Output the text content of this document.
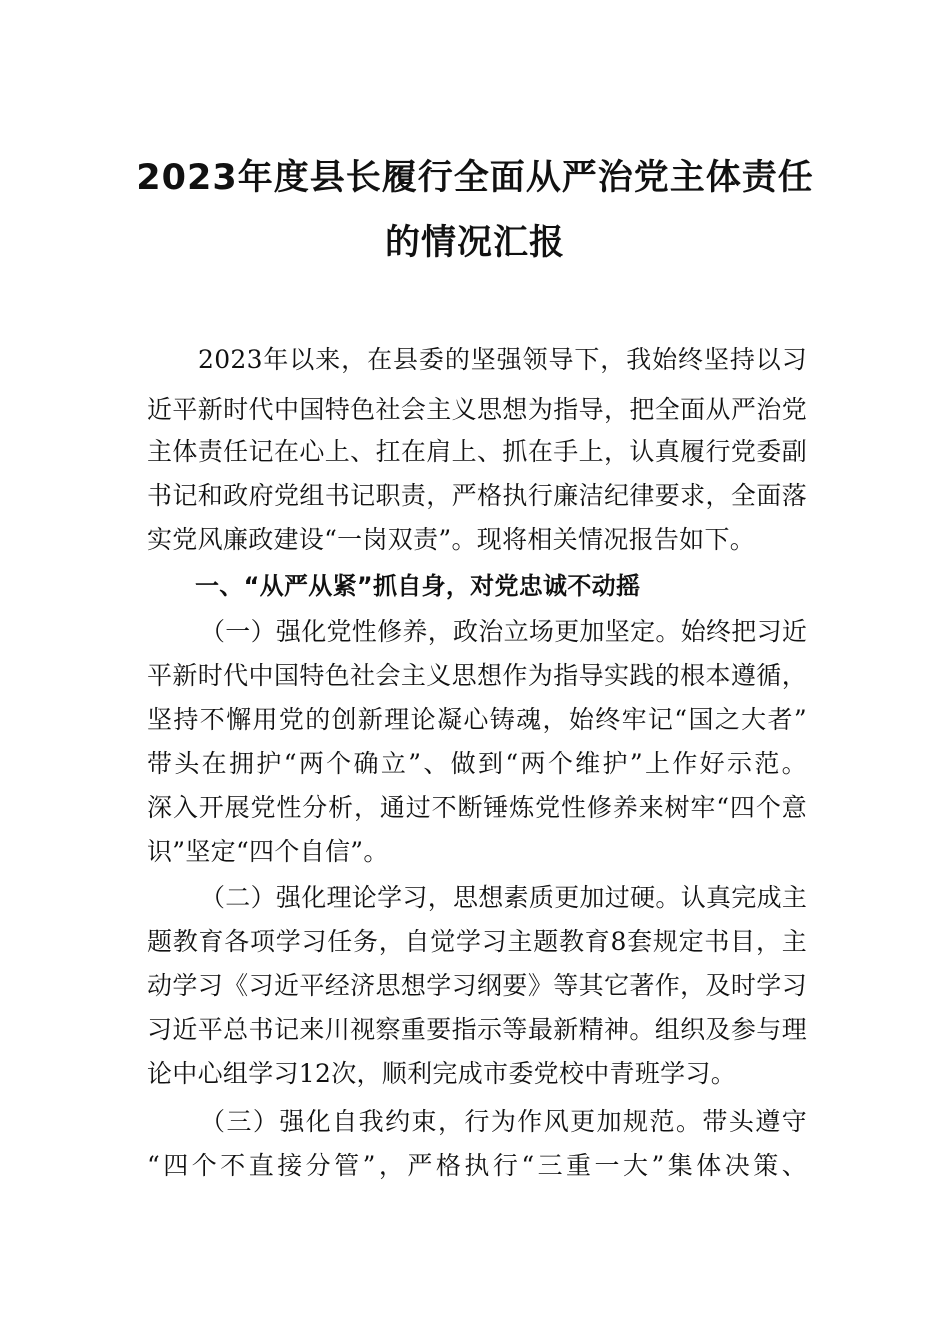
2023年度县长履行全面从严治党主体责任
的情况汇报
2023年以来，在县委的坚强领导下，我始终坚持以习
近平新时代中国特色社会主义思想为指导，把全面从严治党
主体责任记在心上、扛在肩上、抓在手上，认真履行党委副
书记和政府党组书记职责，严格执行廉洁纪律要求，全面落
实党风廉政建设“一岗双责”。现将相关情况报告如下。
一、“从严从紧”抓自身，对党忠诚不动摇
（一）强化党性修养，政治立场更加坚定。始终把习近
平新时代中国特色社会主义思想作为指导实践的根本遵循，
坚持不懈用党的创新理论凝心铸魂，始终牢记“国之大者”
带头在拥护“两个确立”、做到“两个维护”上作好示范。
深入开展党性分析，通过不断锤炼党性修养来树牢“四个意
识”坚定“四个自信”。
（二）强化理论学习，思想素质更加过硬。认真完成主
题教育各项学习任务，自觉学习主题教育8套规定书目，主
动学习《习近平经济思想学习纲要》等其它著作，及时学习
习近平总书记来川视察重要指示等最新精神。组织及参与理
论中心组学习12次，顺利完成市委党校中青班学习。
（三）强化自我约束，行为作风更加规范。带头遵守
“四个不直接分管”，严格执行“三重一大”集体决策、
